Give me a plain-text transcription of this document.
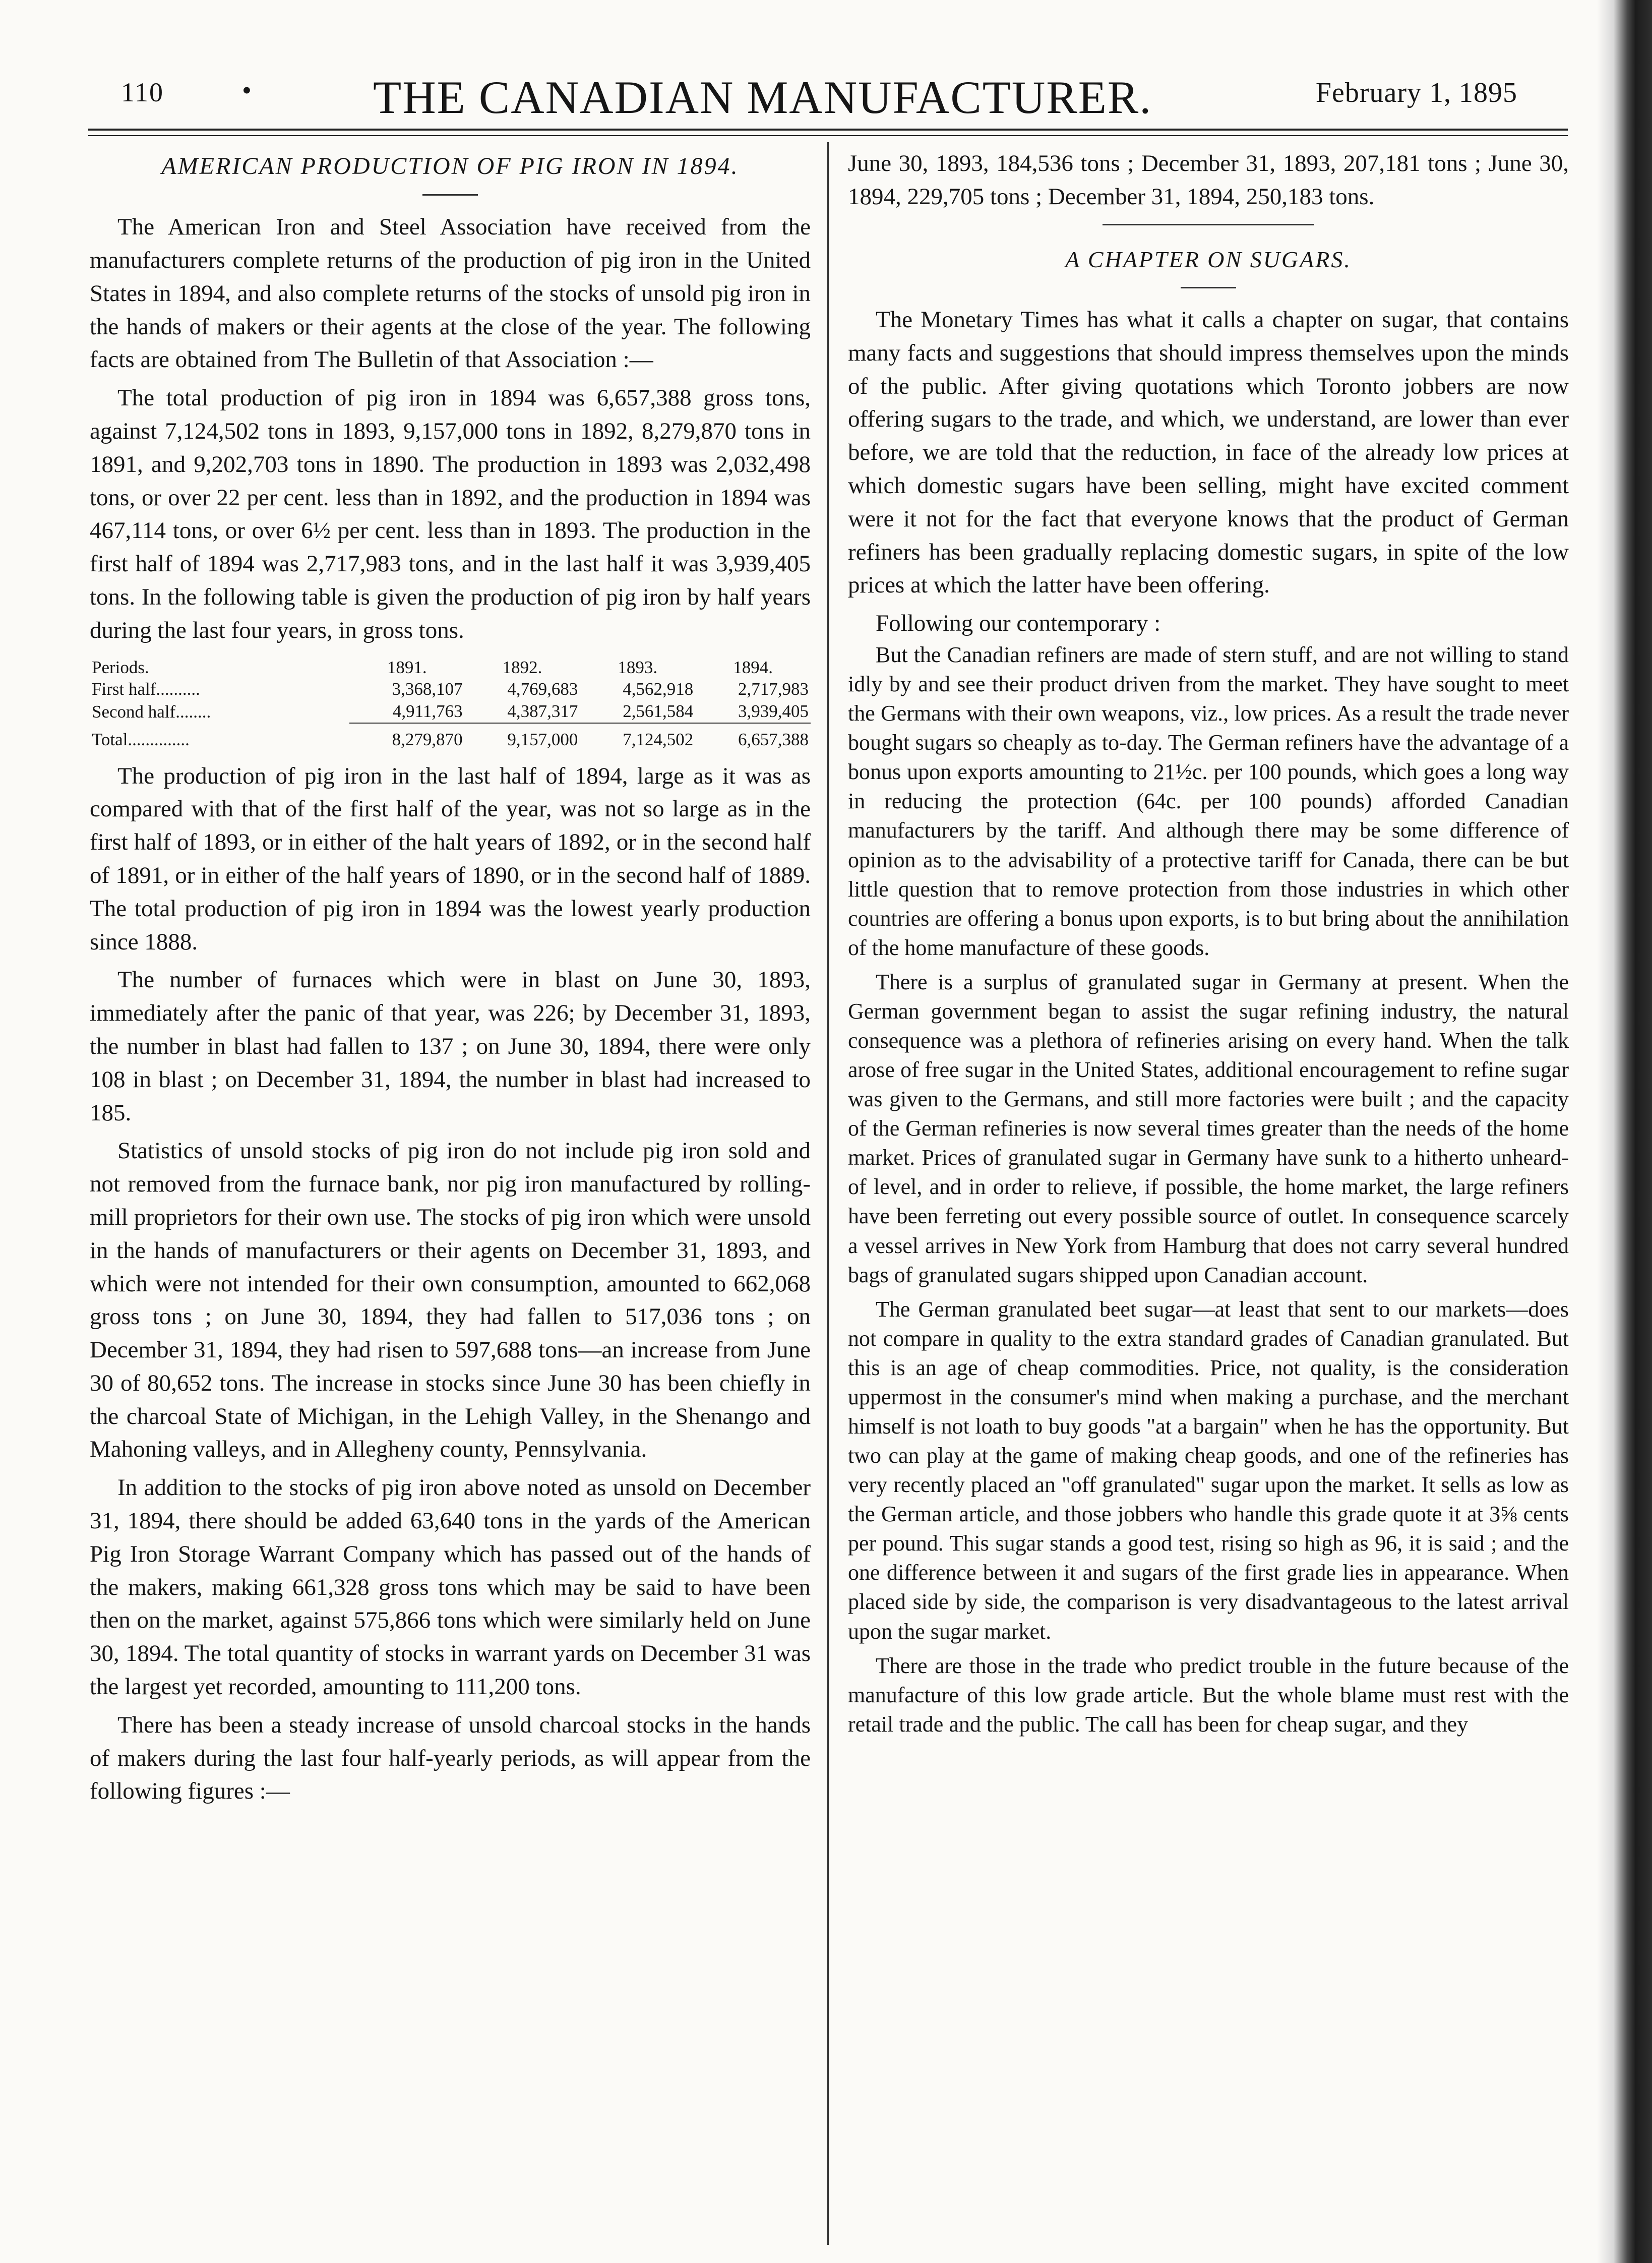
110	•	THE CANADIAN MANUFACTURER.	February 1, 1895
AMERICAN PRODUCTION OF PIG IRON IN 1894.

The American Iron and Steel Association have received from the manufacturers complete returns of the production of pig iron in the United States in 1894, and also complete returns of the stocks of unsold pig iron in the hands of makers or their agents at the close of the year. The following facts are obtained from The Bulletin of that Association :—

The total production of pig iron in 1894 was 6,657,388 gross tons, against 7,124,502 tons in 1893, 9,157,000 tons in 1892, 8,279,870 tons in 1891, and 9,202,703 tons in 1890. The production in 1893 was 2,032,498 tons, or over 22 per cent. less than in 1892, and the production in 1894 was 467,114 tons, or over 6½ per cent. less than in 1893. The production in the first half of 1894 was 2,717,983 tons, and in the last half it was 3,939,405 tons. In the following table is given the production of pig iron by half years during the last four years, in gross tons.

Periods.	1891.	1892.	1893.	1894.
First half..........	3,368,107	4,769,683	4,562,918	2,717,983
Second half........	4,911,763	4,387,317	2,561,584	3,939,405

Total..............	8,279,870	9,157,000	7,124,502	6,657,388

The production of pig iron in the last half of 1894, large as it was as compared with that of the first half of the year, was not so large as in the first half of 1893, or in either of the halt years of 1892, or in the second half of 1891, or in either of the half years of 1890, or in the second half of 1889. The total production of pig iron in 1894 was the lowest yearly production since 1888.

The number of furnaces which were in blast on June 30, 1893, immediately after the panic of that year, was 226; by December 31, 1893, the number in blast had fallen to 137 ; on June 30, 1894, there were only 108 in blast ; on December 31, 1894, the number in blast had increased to 185.

Statistics of unsold stocks of pig iron do not include pig iron sold and not removed from the furnace bank, nor pig iron manufactured by rolling-mill proprietors for their own use. The stocks of pig iron which were unsold in the hands of manufacturers or their agents on December 31, 1893, and which were not intended for their own consumption, amounted to 662,068 gross tons ; on June 30, 1894, they had fallen to 517,036 tons ; on December 31, 1894, they had risen to 597,688 tons—an increase from June 30 of 80,652 tons. The increase in stocks since June 30 has been chiefly in the charcoal State of Michigan, in the Lehigh Valley, in the Shenango and Mahoning valleys, and in Allegheny county, Pennsylvania.

In addition to the stocks of pig iron above noted as unsold on December 31, 1894, there should be added 63,640 tons in the yards of the American Pig Iron Storage Warrant Company which has passed out of the hands of the makers, making 661,328 gross tons which may be said to have been then on the market, against 575,866 tons which were similarly held on June 30, 1894. The total quantity of stocks in warrant yards on December 31 was the largest yet recorded, amounting to 111,200 tons.

There has been a steady increase of unsold charcoal stocks in the hands of makers during the last four half-yearly periods, as will appear from the following figures :—

June 30, 1893, 184,536 tons ; December 31, 1893, 207,181 tons ; June 30, 1894, 229,705 tons ; December 31, 1894, 250,183 tons.

A CHAPTER ON SUGARS.

The Monetary Times has what it calls a chapter on sugar, that contains many facts and suggestions that should impress themselves upon the minds of the public. After giving quotations which Toronto jobbers are now offering sugars to the trade, and which, we understand, are lower than ever before, we are told that the reduction, in face of the already low prices at which domestic sugars have been selling, might have excited comment were it not for the fact that everyone knows that the product of German refiners has been gradually replacing domestic sugars, in spite of the low prices at which the latter have been offering.

Following our contemporary :

But the Canadian refiners are made of stern stuff, and are not willing to stand idly by and see their product driven from the market. They have sought to meet the Germans with their own weapons, viz., low prices. As a result the trade never bought sugars so cheaply as to-day. The German refiners have the advantage of a bonus upon exports amounting to 21½c. per 100 pounds, which goes a long way in reducing the protection (64c. per 100 pounds) afforded Canadian manufacturers by the tariff. And although there may be some difference of opinion as to the advisability of a protective tariff for Canada, there can be but little question that to remove protection from those industries in which other countries are offering a bonus upon exports, is to but bring about the annihilation of the home manufacture of these goods.

There is a surplus of granulated sugar in Germany at present. When the German government began to assist the sugar refining industry, the natural consequence was a plethora of refineries arising on every hand. When the talk arose of free sugar in the United States, additional encouragement to refine sugar was given to the Germans, and still more factories were built ; and the capacity of the German refineries is now several times greater than the needs of the home market. Prices of granulated sugar in Germany have sunk to a hitherto unheard-of level, and in order to relieve, if possible, the home market, the large refiners have been ferreting out every possible source of outlet. In consequence scarcely a vessel arrives in New York from Hamburg that does not carry several hundred bags of granulated sugars shipped upon Canadian account.

The German granulated beet sugar—at least that sent to our markets—does not compare in quality to the extra standard grades of Canadian granulated. But this is an age of cheap commodities. Price, not quality, is the consideration uppermost in the consumer's mind when making a purchase, and the merchant himself is not loath to buy goods "at a bargain" when he has the opportunity. But two can play at the game of making cheap goods, and one of the refineries has very recently placed an "off granulated" sugar upon the market. It sells as low as the German article, and those jobbers who handle this grade quote it at 3⅝ cents per pound. This sugar stands a good test, rising so high as 96, it is said ; and the one difference between it and sugars of the first grade lies in appearance. When placed side by side, the comparison is very disadvantageous to the latest arrival upon the sugar market.

There are those in the trade who predict trouble in the future because of the manufacture of this low grade article. But the whole blame must rest with the retail trade and the public. The call has been for cheap sugar, and they
